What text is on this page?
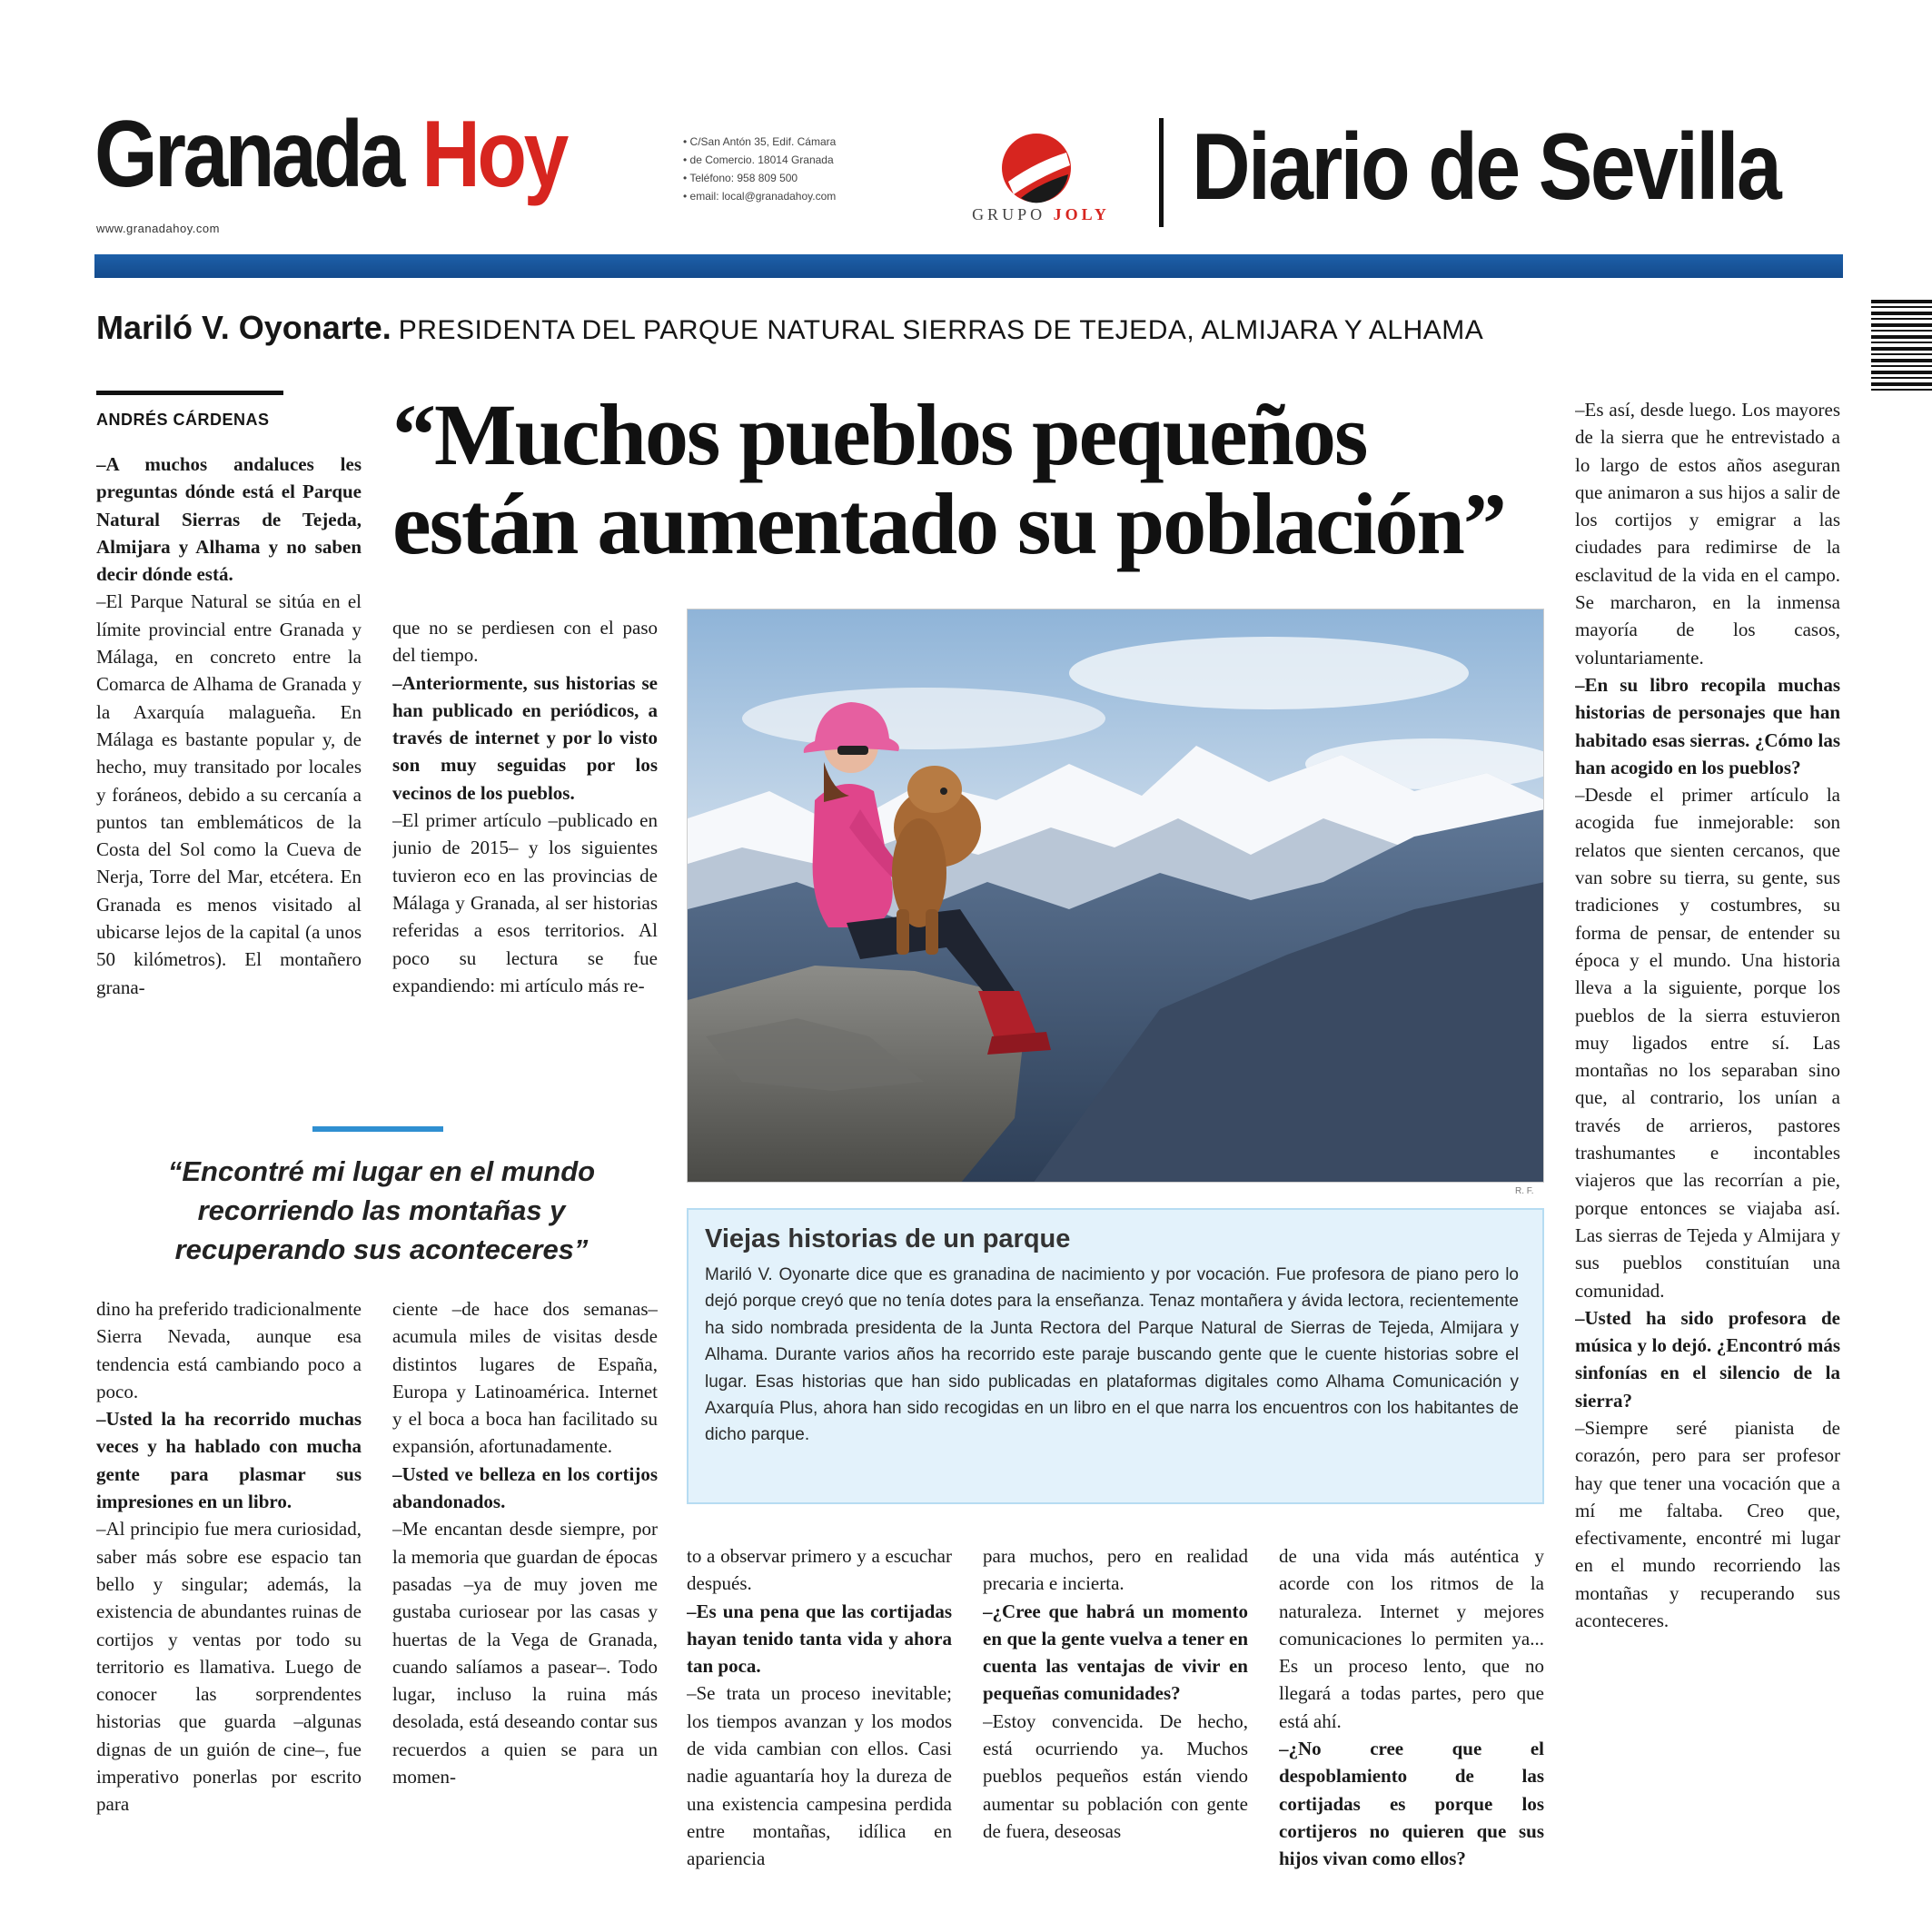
Granada Hoy
www.granadahoy.com
• C/San Antón 35, Edif. Cámara
• de Comercio. 18014 Granada
• Teléfono: 958 809 500
• email: local@granadahoy.com
GRUPO JOLY Diario de Sevilla
Mariló V. Oyonarte. PRESIDENTA DEL PARQUE NATURAL SIERRAS DE TEJEDA, ALMIJARA Y ALHAMA
ANDRÉS CÁRDENAS “Muchos pueblos pequeños están aumentado su población”

–A muchos andaluces les preguntas dónde está el Parque Natural Sierras de Tejeda, Almijara y Alhama y no saben decir dónde está.

–El Parque Natural se sitúa en el límite provincial entre Granada y Málaga, en concreto entre la Comarca de Alhama de Granada y la Axarquía malagueña. En Málaga es bastante popular y, de hecho, muy transitado por locales y foráneos, debido a su cercanía a puntos tan emblemáticos de la Costa del Sol como la Cueva de Nerja, Torre del Mar, etcétera. En Granada es menos visitado al ubicarse lejos de la capital (a unos 50 kilómetros). El montañero grana-

que no se perdiesen con el paso del tiempo.

–Anteriormente, sus historias se han publicado en periódicos, a través de internet y por lo visto son muy seguidas por los vecinos de los pueblos.

–El primer artículo –publicado en junio de 2015– y los siguientes tuvieron eco en las provincias de Málaga y Granada, al ser historias referidas a esos territorios. Al poco su lectura se fue expandiendo: mi artículo más re-

“Encontré mi lugar en el mundo recorriendo las montañas y recuperando sus aconteceres”

dino ha preferido tradicionalmente Sierra Nevada, aunque esa tendencia está cambiando poco a poco.

–Usted la ha recorrido muchas veces y ha hablado con mucha gente para plasmar sus impresiones en un libro.

–Al principio fue mera curiosidad, saber más sobre ese espacio tan bello y singular; además, la existencia de abundantes ruinas de cortijos y ventas por todo su territorio es llamativa. Luego de conocer las sorprendentes historias que guarda –algunas dignas de un guión de cine–, fue imperativo ponerlas por escrito para

ciente –de hace dos semanas– acumula miles de visitas desde distintos lugares de España, Europa y Latinoamérica. Internet y el boca a boca han facilitado su expansión, afortunadamente.

–Usted ve belleza en los cortijos abandonados.

–Me encantan desde siempre, por la memoria que guardan de épocas pasadas –ya de muy joven me gustaba curiosear por las casas y huertas de la Vega de Granada, cuando salíamos a pasear–. Todo lugar, incluso la ruina más desolada, está deseando contar sus recuerdos a quien se para un momen-

R. F.
Viejas historias de un parque
Mariló V. Oyonarte dice que es granadina de nacimiento y por vocación. Fue profesora de piano pero lo dejó porque creyó que no tenía dotes para la enseñanza. Tenaz montañera y ávida lectora, recientemente ha sido nombrada presidenta de la Junta Rectora del Parque Natural de Sierras de Tejeda, Almijara y Alhama. Durante varios años ha recorrido este paraje buscando gente que le cuente historias sobre el lugar. Esas historias que han sido publicadas en plataformas digitales como Alhama Comunicación y Axarquía Plus, ahora han sido recogidas en un libro en el que narra los encuentros con los habitantes de dicho parque.

to a observar primero y a escuchar después.

–Es una pena que las cortijadas hayan tenido tanta vida y ahora tan poca.

–Se trata un proceso inevitable; los tiempos avanzan y los modos de vida cambian con ellos. Casi nadie aguantaría hoy la dureza de una existencia campesina perdida entre montañas, idílica en apariencia

para muchos, pero en realidad precaria e incierta.

–¿Cree que habrá un momento en que la gente vuelva a tener en cuenta las ventajas de vivir en pequeñas comunidades?

–Estoy convencida. De hecho, está ocurriendo ya. Muchos pueblos pequeños están viendo aumentar su población con gente de fuera, deseosas

de una vida más auténtica y acorde con los ritmos de la naturaleza. Internet y mejores comunicaciones lo permiten ya... Es un proceso lento, que no llegará a todas partes, pero que está ahí.

–¿No cree que el despoblamiento de las cortijadas es porque los cortijeros no quieren que sus hijos vivan como ellos?

–Es así, desde luego. Los mayores de la sierra que he entrevistado a lo largo de estos años aseguran que animaron a sus hijos a salir de los cortijos y emigrar a las ciudades para redimirse de la esclavitud de la vida en el campo. Se marcharon, en la inmensa mayoría de los casos, voluntariamente.

–En su libro recopila muchas historias de personajes que han habitado esas sierras. ¿Cómo las han acogido en los pueblos?

–Desde el primer artículo la acogida fue inmejorable: son relatos que sienten cercanos, que van sobre su tierra, su gente, sus tradiciones y costumbres, su forma de pensar, de entender su época y el mundo. Una historia lleva a la siguiente, porque los pueblos de la sierra estuvieron muy ligados entre sí. Las montañas no los separaban sino que, al contrario, los unían a través de arrieros, pastores trashumantes e incontables viajeros que las recorrían a pie, porque entonces se viajaba así. Las sierras de Tejeda y Almijara y sus pueblos constituían una comunidad.

–Usted ha sido profesora de música y lo dejó. ¿Encontró más sinfonías en el silencio de la sierra?

–Siempre seré pianista de corazón, pero para ser profesor hay que tener una vocación que a mí me faltaba. Creo que, efectivamente, encontré mi lugar en el mundo recorriendo las montañas y recuperando sus aconteceres.
